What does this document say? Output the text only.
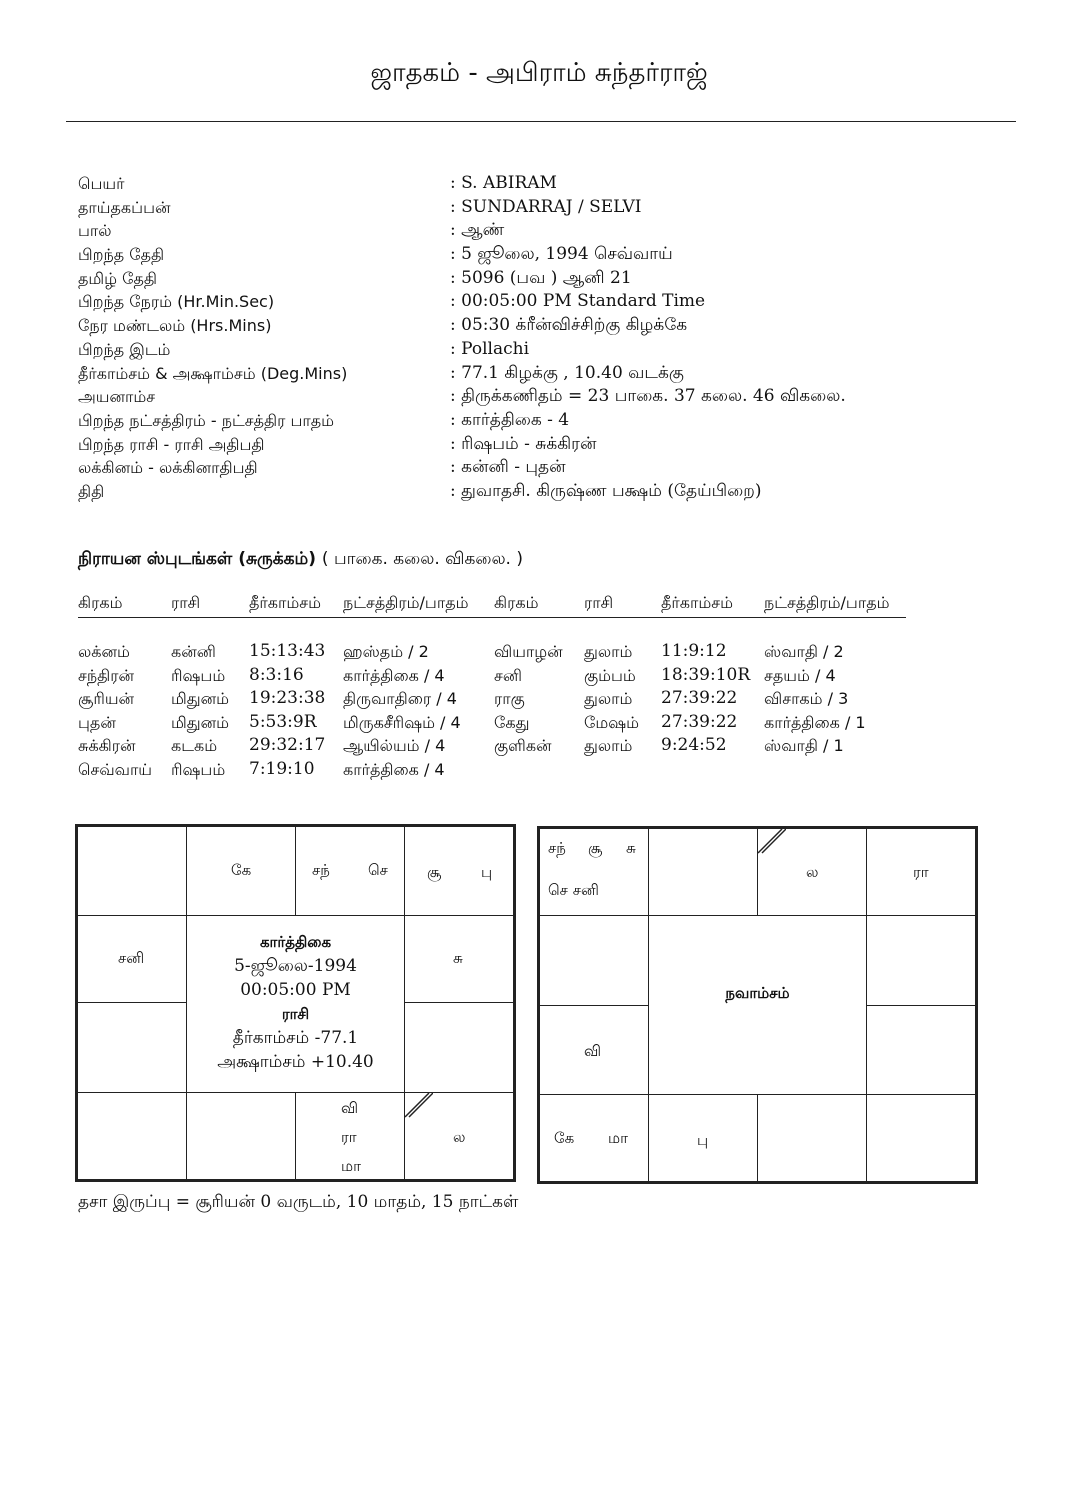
ஜாதகம் - அபிராம் சுந்தர்ராஜ்
பெயர்	: S. ABIRAM
தாய்தகப்பன்	: SUNDARRAJ / SELVI
பால்	: ஆண்
பிறந்த தேதி	: 5 ஜூலை, 1994 செவ்வாய்
தமிழ் தேதி	: 5096 (பவ ) ஆனி 21
பிறந்த நேரம் (Hr.Min.Sec)	: 00:05:00 PM Standard Time
நேர மண்டலம் (Hrs.Mins)	: 05:30 க்ரீன்விச்சிற்கு கிழக்கே
பிறந்த இடம்	: Pollachi
தீர்காம்சம் & அக்ஷாம்சம் (Deg.Mins)	: 77.1 கிழக்கு , 10.40 வடக்கு
அயனாம்ச	: திருக்கணிதம் = 23 பாகை. 37 கலை. 46 விகலை.
பிறந்த நட்சத்திரம் - நட்சத்திர பாதம்	: கார்த்திகை - 4
பிறந்த ராசி - ராசி அதிபதி	: ரிஷபம் - சுக்கிரன்
லக்கினம் - லக்கினாதிபதி	: கன்னி - புதன்
திதி	: துவாதசி. கிருஷ்ண பக்ஷம் (தேய்பிறை)
நிராயன ஸ்புடங்கள் (சுருக்கம்) ( பாகை. கலை. விகலை. )
கிரகம்	ராசி	தீர்காம்சம் நட்சத்திரம்/பாதம் கிரகம்	ராசி	தீர்காம்சம் நட்சத்திரம்/பாதம்
லக்னம்	கன்னி 15:13:43 ஹஸ்தம் / 2	வியாழன் துலாம் 11:9:12 ஸ்வாதி / 2
சந்திரன் ரிஷபம் 8:3:16 கார்த்திகை / 4	சனி	கும்பம் 18:39:10R சதயம் / 4
சூரியன் மிதுனம் 19:23:38 திருவாதிரை / 4 ராகு	துலாம் 27:39:22 விசாகம் / 3
புதன்	மிதுனம் 5:53:9R மிருகசீரிஷம் / 4 கேது	மேஷம் 27:39:22 கார்த்திகை / 1
சுக்கிரன் கடகம் 29:32:17 ஆயில்யம் / 4	குளிகன் துலாம் 9:24:52 ஸ்வாதி / 1
செவ்வாய் ரிஷபம் 7:19:10 கார்த்திகை / 4
கே	சந்	செ	சூ	பு
சனி	சு
கார்த்திகை
5-ஜூலை-1994
00:05:00 PM
ராசி
தீர்காம்சம் -77.1
அக்ஷாம்சம் +10.40
வி
ரா
மா
ல
சந் சூ சு
செ சனி
ல	ரா
வி
நவாம்சம்
கே மா	பு
தசா இருப்பு = சூரியன் 0 வருடம், 10 மாதம், 15 நாட்கள்
